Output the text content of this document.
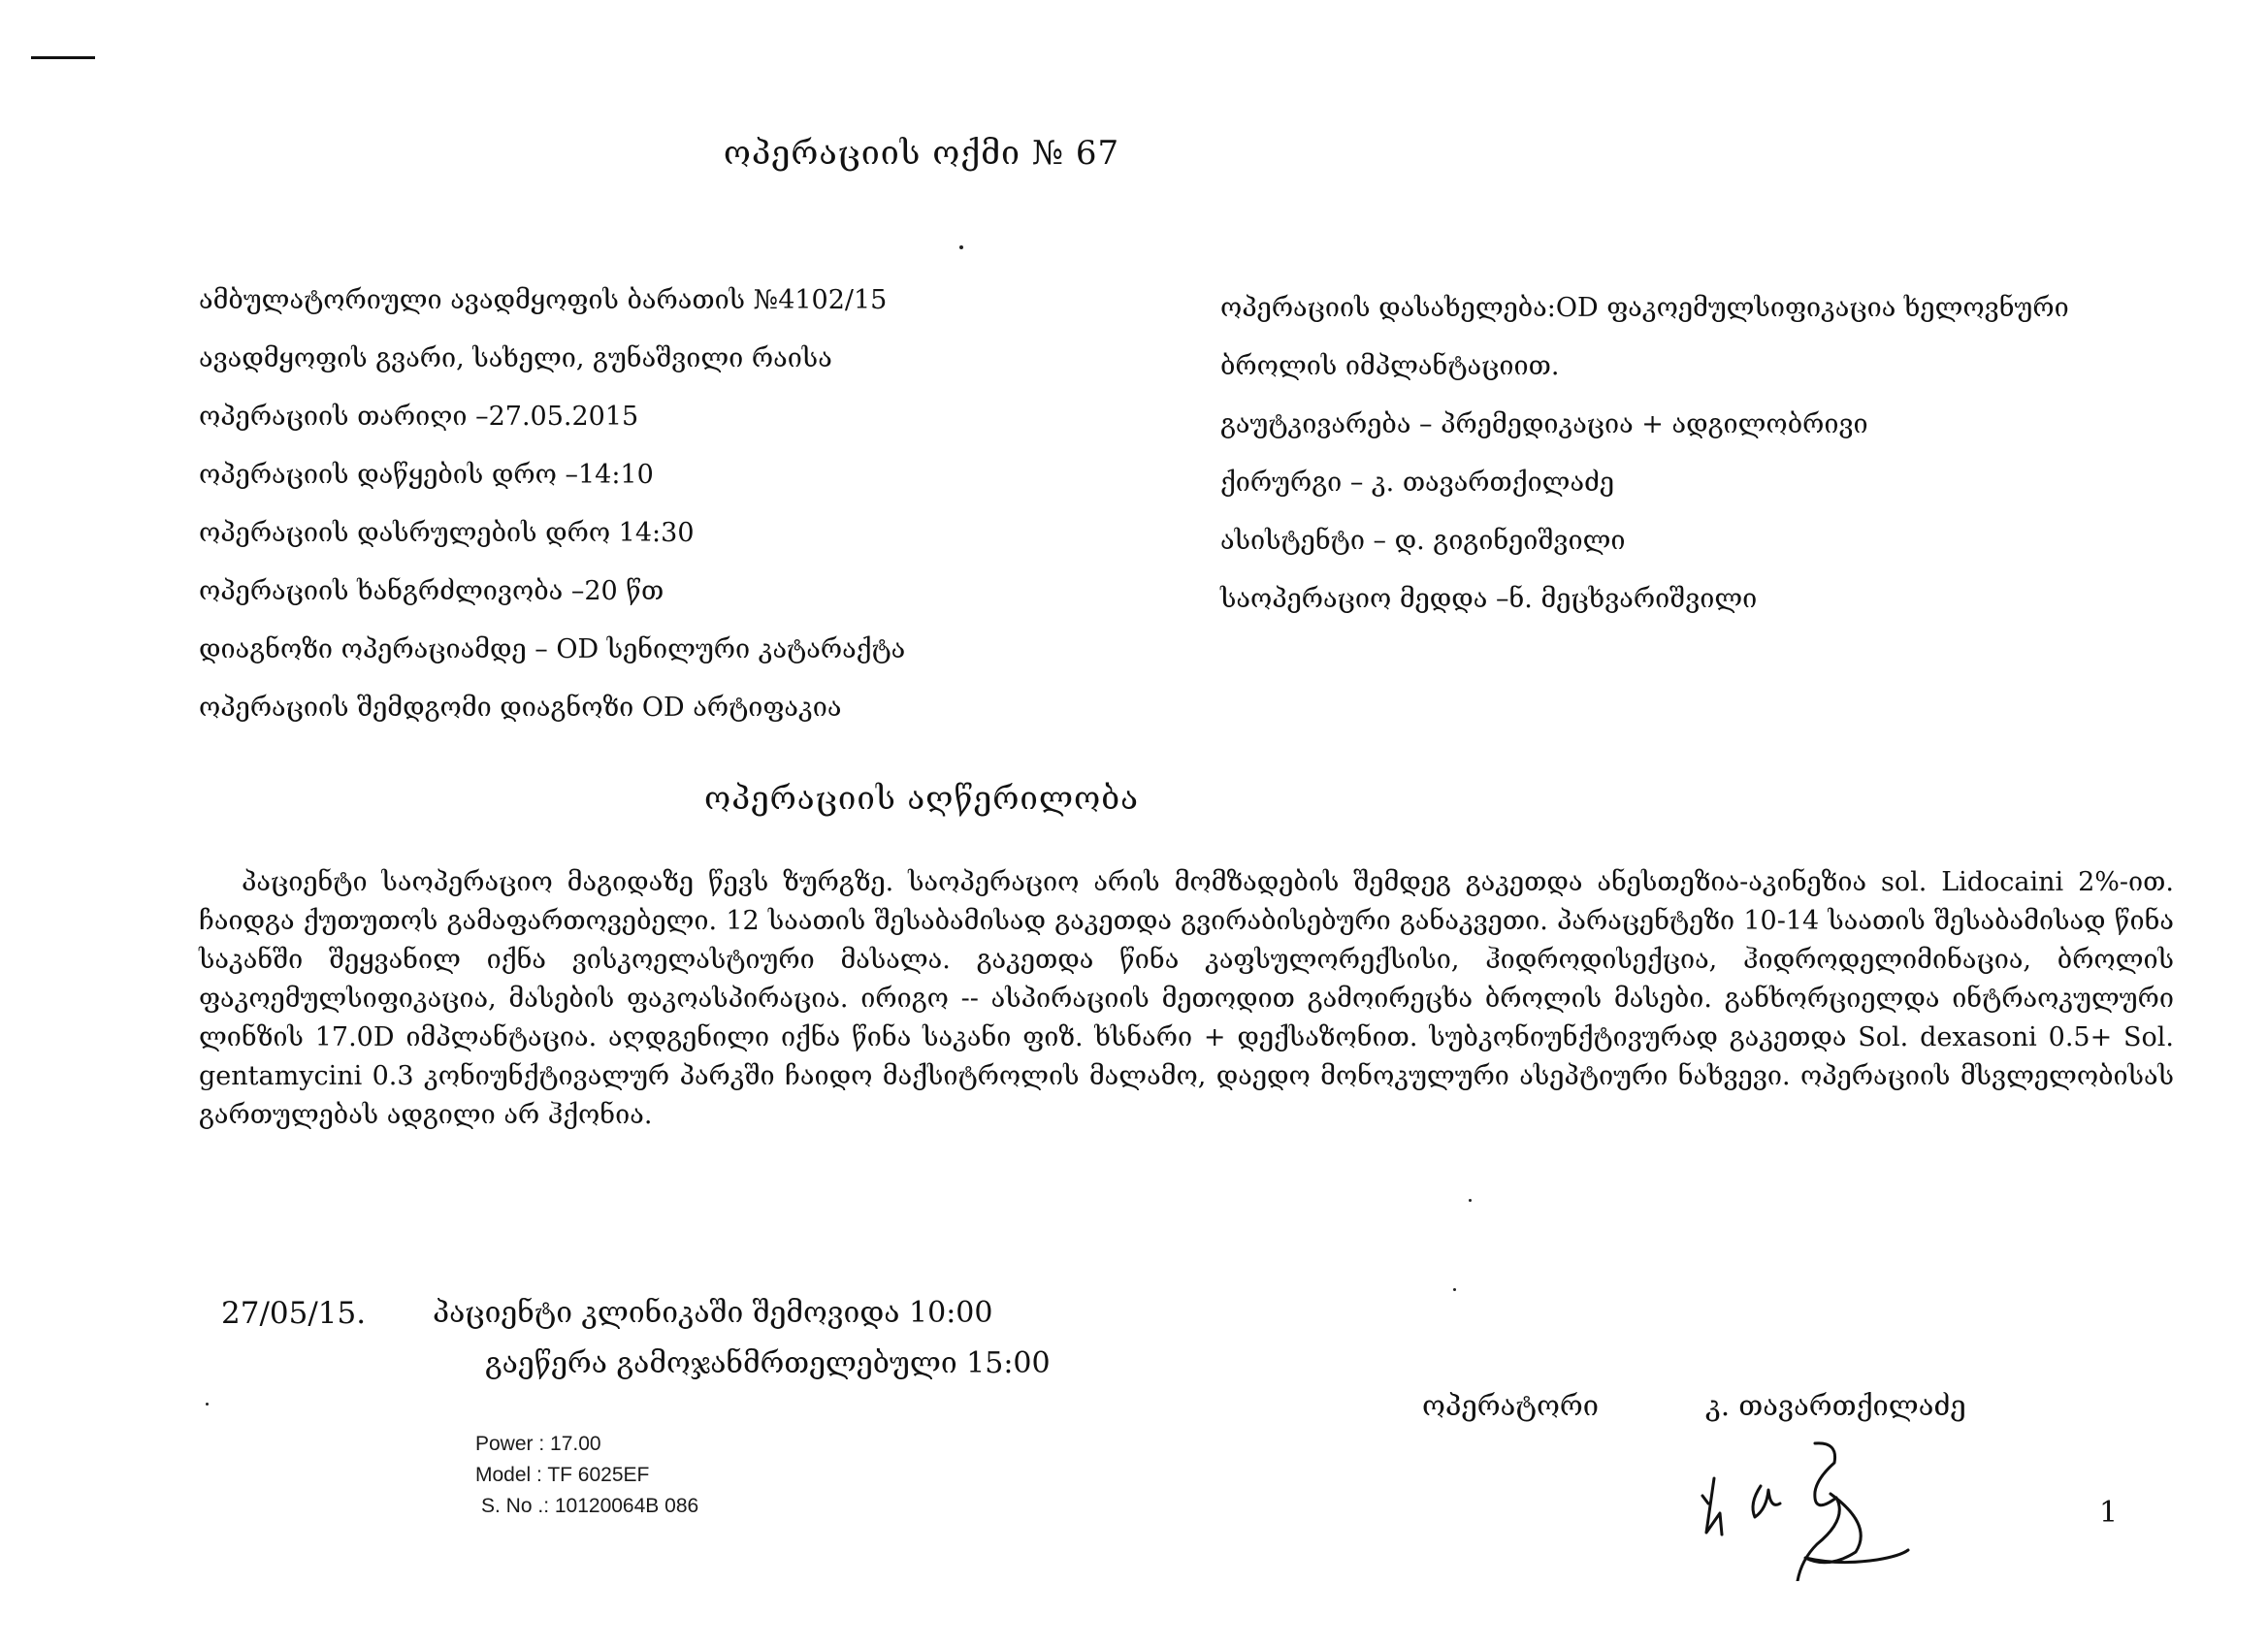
ოპერაციის ოქმი № 67
ამბულატორიული ავადმყოფის ბარათის №4102/15
ავადმყოფის გვარი, სახელი, გუნაშვილი რაისა
ოპერაციის თარიღი –27.05.2015
ოპერაციის დაწყების დრო –14:10
ოპერაციის დასრულების დრო 14:30
ოპერაციის ხანგრძლივობა –20 წთ
დიაგნოზი ოპერაციამდე – OD სენილური კატარაქტა
ოპერაციის შემდგომი დიაგნოზი OD არტიფაკია
ოპერაციის დასახელება:OD ფაკოემულსიფიკაცია ხელოვნური
ბროლის იმპლანტაციით.
გაუტკივარება – პრემედიკაცია + ადგილობრივი
ქირურგი – კ. თავართქილაძე
ასისტენტი – დ. გიგინეიშვილი
საოპერაციო მედდა –ნ. მეცხვარიშვილი
ოპერაციის აღწერილობა
პაციენტი საოპერაციო მაგიდაზე წევს ზურგზე. საოპერაციო არის მომზადების შემდეგ გაკეთდა ანესთეზია-აკინეზია sol. Lidocaini 2%-ით. ჩაიდგა ქუთუთოს გამაფართოვებელი. 12 საათის შესაბამისად გაკეთდა გვირაბისებური განაკვეთი. პარაცენტეზი 10-14 საათის შესაბამისად წინა საკანში შეყვანილ იქნა ვისკოელასტიური მასალა. გაკეთდა წინა კაფსულორექსისი, ჰიდროდისექცია, ჰიდროდელიმინაცია, ბროლის ფაკოემულსიფიკაცია, მასების ფაკოასპირაცია. ირიგო -- ასპირაციის მეთოდით გამოირეცხა ბროლის მასები. განხორციელდა ინტრაოკულური ლინზის 17.0D იმპლანტაცია. აღდგენილი იქნა წინა საკანი ფიზ. ხსნარი + დექსაზონით. სუბკონიუნქტივურად გაკეთდა Sol. dexasoni 0.5+ Sol. gentamycini 0.3 კონიუნქტივალურ პარკში ჩაიდო მაქსიტროლის მალამო, დაედო მონოკულური ასეპტიური ნახვევი. ოპერაციის მსვლელობისას გართულებას ადგილი არ ჰქონია.
27/05/15. პაციენტი კლინიკაში შემოვიდა 10:00
გაეწერა გამოჯანმრთელებული 15:00
Power : 17.00
Model : TF 6025EF
S. No .: 10120064B 086
ოპერატორი	კ. თავართქილაძე
1
